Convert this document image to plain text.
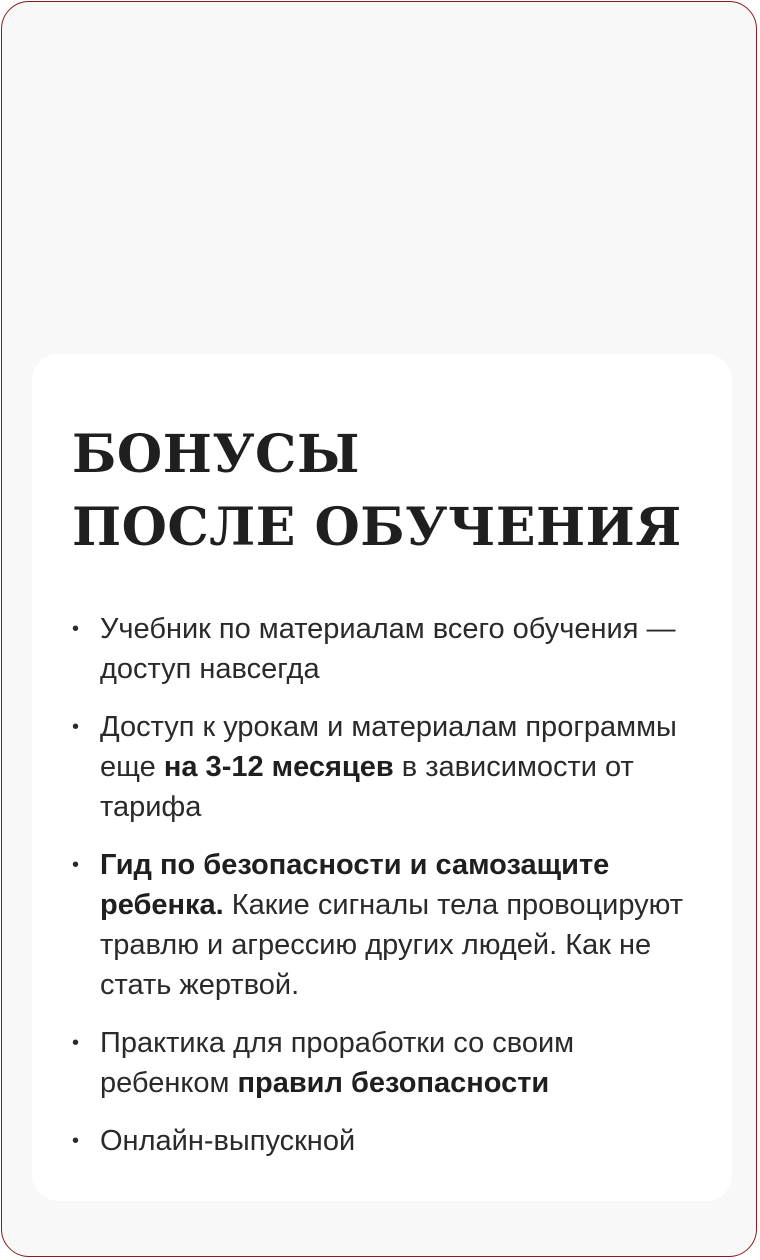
БОНУСЫ
ПОСЛЕ ОБУЧЕНИЯ
• Учебник по материалам всего обучения — доступ навсегда
• Доступ к урокам и материалам программы еще на 3-12 месяцев в зависимости от тарифа
• Гид по безопасности и самозащите ребенка. Какие сигналы тела провоцируют травлю и агрессию других людей. Как не стать жертвой.
• Практика для проработки со своим ребенком правил безопасности
• Онлайн-выпускной
